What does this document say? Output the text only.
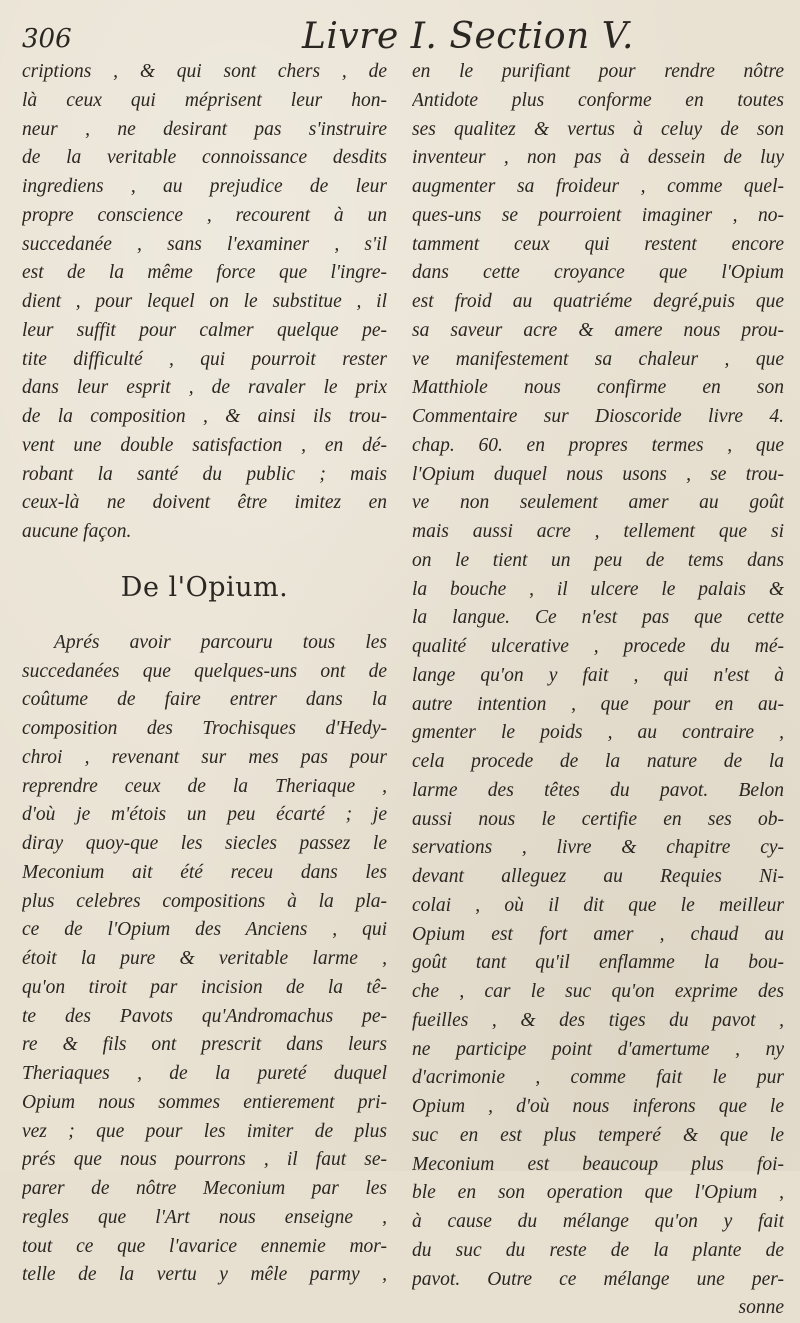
306	Livre I. Section V.
criptions , & qui sont chers , de
là ceux qui méprisent leur hon-
neur , ne desirant pas s'instruire
de la veritable connoissance desdits
ingrediens , au prejudice de leur
propre conscience , recourent à un
succedanée , sans l'examiner , s'il
est de la même force que l'ingre-
dient , pour lequel on le substitue , il
leur suffit pour calmer quelque pe-
tite difficulté , qui pourroit rester
dans leur esprit , de ravaler le prix
de la composition , & ainsi ils trou-
vent une double satisfaction , en dé-
robant la santé du public ; mais
ceux-là ne doivent être imitez en
aucune façon.
De l'Opium.
Aprés avoir parcouru tous les
succedanées que quelques-uns ont de
coûtume de faire entrer dans la
composition des Trochisques d'Hedy-
chroi , revenant sur mes pas pour
reprendre ceux de la Theriaque ,
d'où je m'étois un peu écarté ; je
diray quoy-que les siecles passez le
Meconium ait été receu dans les
plus celebres compositions à la pla-
ce de l'Opium des Anciens , qui
étoit la pure & veritable larme ,
qu'on tiroit par incision de la tê-
te des Pavots qu'Andromachus pe-
re & fils ont prescrit dans leurs
Theriaques , de la pureté duquel
Opium nous sommes entierement pri-
vez ; que pour les imiter de plus
prés que nous pourrons , il faut se-
parer de nôtre Meconium par les
regles que l'Art nous enseigne ,
tout ce que l'avarice ennemie mor-
telle de la vertu y mêle parmy ,
en le purifiant pour rendre nôtre
Antidote plus conforme en toutes
ses qualitez & vertus à celuy de son
inventeur , non pas à dessein de luy
augmenter sa froideur , comme quel-
ques-uns se pourroient imaginer , no-
tamment ceux qui restent encore
dans cette croyance que l'Opium
est froid au quatriéme degré,puis que
sa saveur acre & amere nous prou-
ve manifestement sa chaleur , que
Matthiole nous confirme en son
Commentaire sur Dioscoride livre 4.
chap. 60. en propres termes , que
l'Opium duquel nous usons , se trou-
ve non seulement amer au goût
mais aussi acre , tellement que si
on le tient un peu de tems dans
la bouche , il ulcere le palais &
la langue. Ce n'est pas que cette
qualité ulcerative , procede du mé-
lange qu'on y fait , qui n'est à
autre intention , que pour en au-
gmenter le poids , au contraire ,
cela procede de la nature de la
larme des têtes du pavot. Belon
aussi nous le certifie en ses ob-
servations , livre & chapitre cy-
devant alleguez au Requies Ni-
colai , où il dit que le meilleur
Opium est fort amer , chaud au
goût tant qu'il enflamme la bou-
che , car le suc qu'on exprime des
fueilles , & des tiges du pavot ,
ne participe point d'amertume , ny
d'acrimonie , comme fait le pur
Opium , d'où nous inferons que le
suc en est plus temperé & que le
Meconium est beaucoup plus foi-
ble en son operation que l'Opium ,
à cause du mélange qu'on y fait
du suc du reste de la plante de
pavot. Outre ce mélange une per-
sonne
